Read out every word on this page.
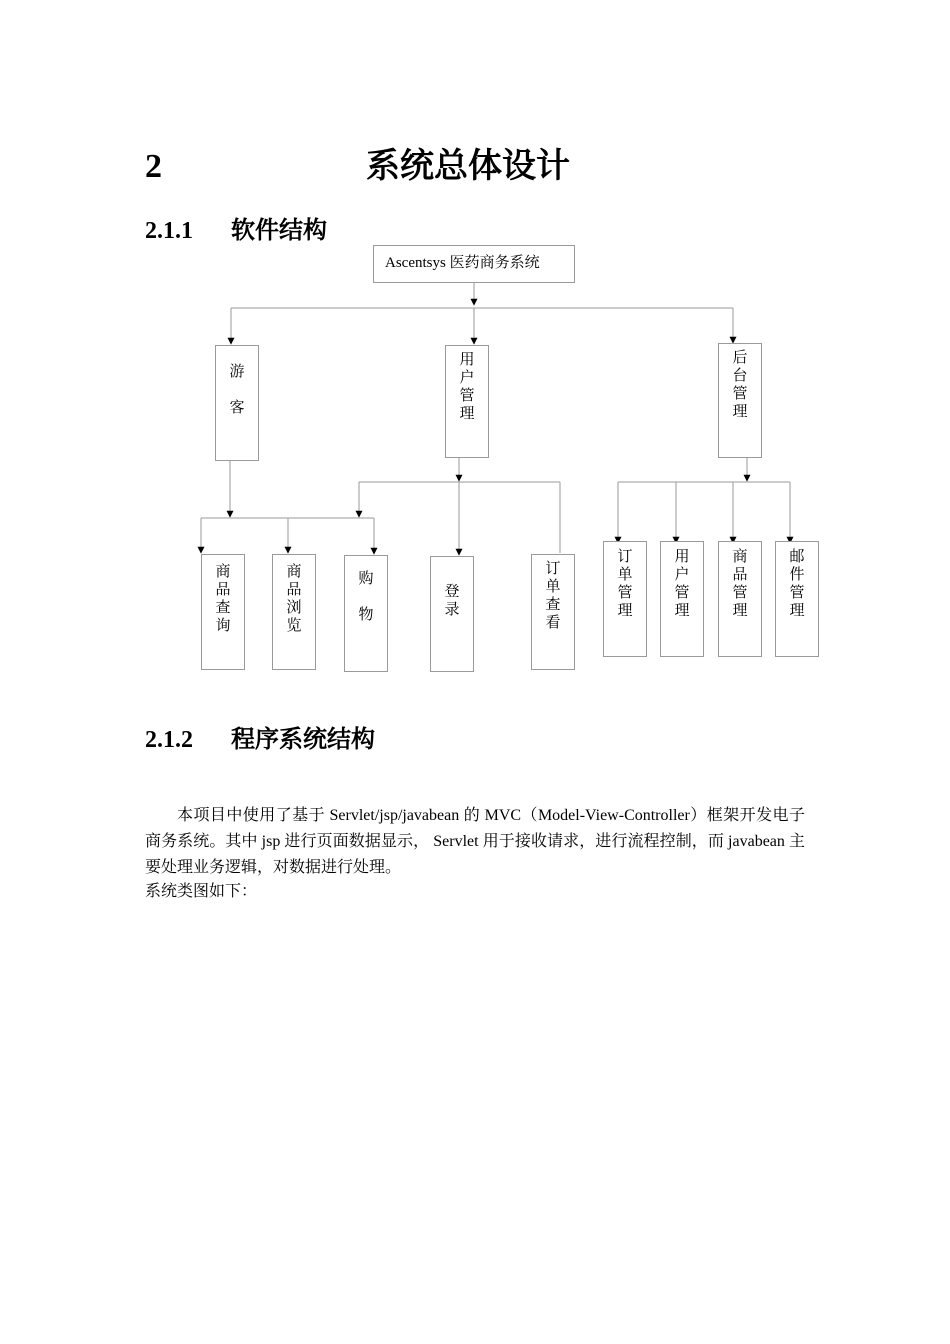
2	系统总体设计
2.1.1 软件结构
Ascentsys 医药商务系统
游客
用户管理
后台管理
商品查询
商品浏览
购物
登录
订单查看
订单管理
用户管理
商品管理
邮件管理
2.1.2 程序系统结构
本项目中使用了基于 Servlet/jsp/javabean 的 MVC（Model-View-Controller）框架开发电子商务系统。其中 jsp 进行页面数据显示， Servlet 用于接收请求，进行流程控制，而 javabean 主要处理业务逻辑，对数据进行处理。
系统类图如下：
